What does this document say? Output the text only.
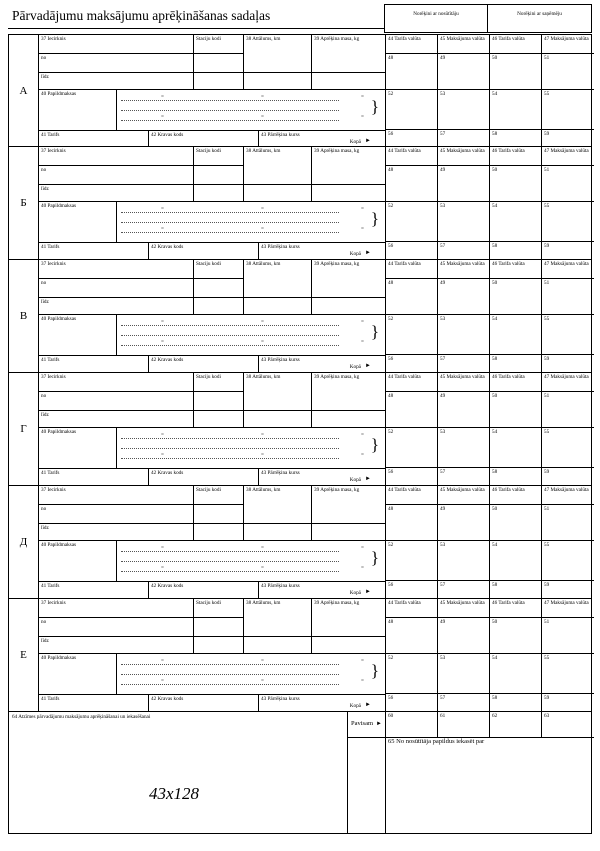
Pārvadājumu maksājumu aprēķināšanas sadaļas	Norēķini ar nosūtītāju	Norēķini ar saņēmēju
А
37 Iecirknis	Staciju kodi	38 Attālums, km	39 Aprēķina masa, kg
no
līdz
40 Papildmaksas	=	=	=
=	=	=
}
41 Tarifs	42 Kravas kods	43 Pārrēķina kurss
Kopā ►
44 Tarifa valūta	45 Maksājuma valūta	46 Tarifa valūta	47 Maksājuma valūta
48	49	50	51
52	53	54	55
56	57	58	59
Б
37 Iecirknis	Staciju kodi	38 Attālums, km	39 Aprēķina masa, kg
no
līdz
40 Papildmaksas	=	=	=
=	=	=
}
41 Tarifs	42 Kravas kods	43 Pārrēķina kurss
Kopā ►
44 Tarifa valūta	45 Maksājuma valūta	46 Tarifa valūta	47 Maksājuma valūta
48	49	50	51
52	53	54	55
56	57	58	59
В
37 Iecirknis	Staciju kodi	38 Attālums, km	39 Aprēķina masa, kg
no
līdz
40 Papildmaksas	=	=	=
=	=	=
}
41 Tarifs	42 Kravas kods	43 Pārrēķina kurss
Kopā ►
44 Tarifa valūta	45 Maksājuma valūta	46 Tarifa valūta	47 Maksājuma valūta
48	49	50	51
52	53	54	55
56	57	58	59
Г
37 Iecirknis	Staciju kodi	38 Attālums, km	39 Aprēķina masa, kg
no
līdz
40 Papildmaksas	=	=	=
=	=	=
}
41 Tarifs	42 Kravas kods	43 Pārrēķina kurss
Kopā ►
44 Tarifa valūta	45 Maksājuma valūta	46 Tarifa valūta	47 Maksājuma valūta
48	49	50	51
52	53	54	55
56	57	58	59
Д
37 Iecirknis	Staciju kodi	38 Attālums, km	39 Aprēķina masa, kg
no
līdz
40 Papildmaksas	=	=	=
=	=	=
}
41 Tarifs	42 Kravas kods	43 Pārrēķina kurss
Kopā ►
44 Tarifa valūta	45 Maksājuma valūta	46 Tarifa valūta	47 Maksājuma valūta
48	49	50	51
52	53	54	55
56	57	58	59
Е
37 Iecirknis	Staciju kodi	38 Attālums, km	39 Aprēķina masa, kg
no
līdz
40 Papildmaksas	=	=	=
=	=	=
}
41 Tarifs	42 Kravas kods	43 Pārrēķina kurss
Kopā ►
44 Tarifa valūta	45 Maksājuma valūta	46 Tarifa valūta	47 Maksājuma valūta
48	49	50	51
52	53	54	55
56	57	58	59
64 Atzīmes pārvadājumu maksājumu aprēķināšanai un iekasēšanai
43x128
Pavisam ►
60	61	62	63
65 No nosūtītāja papildus iekasēt par
